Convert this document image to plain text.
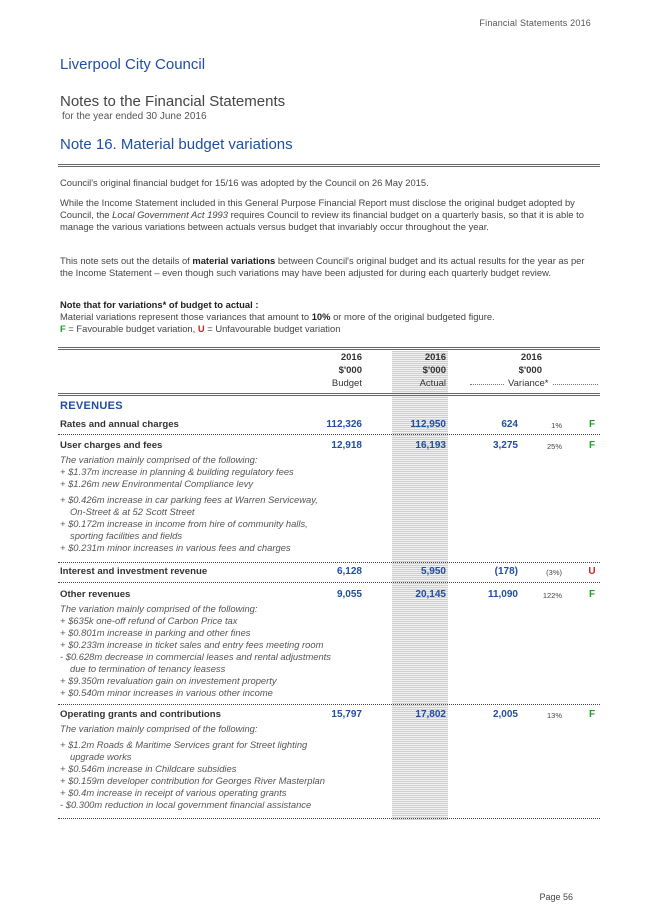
Financial Statements 2016
Liverpool City Council
Notes to the Financial Statements
for the year ended 30 June 2016
Note 16. Material budget variations
Council's original financial budget for 15/16 was adopted by the Council on 26 May 2015.
While the Income Statement included in this General Purpose Financial Report must disclose the original budget adopted by Council, the Local Government Act 1993 requires Council to review its financial budget on a quarterly basis, so that it is able to manage the various variations between actuals versus budget that invariably occur throughout the year.
This note sets out the details of material variations between Council's original budget and its actual results for the year as per the Income Statement – even though such variations may have been adjusted for during each quarterly budget review.
Note that for variations* of budget to actual :
Material variations represent those variances that amount to 10% or more of the original budgeted figure.
F = Favourable budget variation, U = Unfavourable budget variation
2016
$'000
Budget
2016
$'000
Actual
2016
$'000
Variance*
REVENUES
Rates and annual charges	112,326	112,950	624	1%	F
User charges and fees	12,918	16,193	3,275	25%	F
The variation mainly comprised of the following:
+ $1.37m increase in planning & building regulatory fees
+ $1.26m new Environmental Compliance levy
+ $0.426m increase in car parking fees at Warren Serviceway,
On-Street & at 52 Scott Street
+ $0.172m increase in income from hire of community halls,
sporting facilities and fields
+ $0.231m minor increases in various fees and charges
Interest and investment revenue	6,128	5,950	(178)	(3%)	U
Other revenues	9,055	20,145	11,090	122%	F
The variation mainly comprised of the following:
+ $635k one-off refund of Carbon Price tax
+ $0.801m increase in parking and other fines
+ $0.233m increase in ticket sales and entry fees meeting room
- $0.628m decrease in commercial leases and rental adjustments
due to termination of tenancy leasess
+ $9.350m revaluation gain on investement property
+ $0.540m minor increases in various other income
Operating grants and contributions	15,797	17,802	2,005	13%	F
The variation mainly comprised of the following:
+ $1.2m Roads & Maritime Services grant for Street lighting
upgrade works
+ $0.546m increase in Childcare subsidies
+ $0.159m developer contribution for Georges River Masterplan
+ $0.4m increase in receipt of various operating grants
- $0.300m reduction in local government financial assistance
Page 56
